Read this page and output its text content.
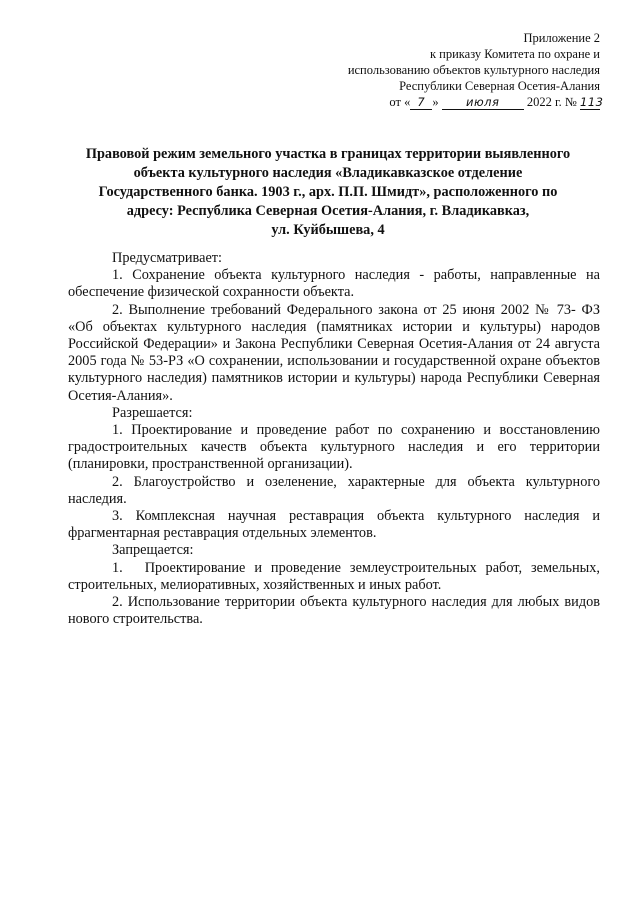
Приложение 2
к приказу Комитета по охране и
использованию объектов культурного наследия
Республики Северная Осетия-Алания
от « 7 » июля 2022 г. № 113
Правовой режим земельного участка в границах территории выявленного
объекта культурного наследия «Владикавказское отделение
Государственного банка. 1903 г., арх. П.П. Шмидт», расположенного по
адресу: Республика Северная Осетия-Алания, г. Владикавказ,
ул. Куйбышева, 4

Предусматривает:

1. Сохранение объекта культурного наследия - работы, направленные на обеспечение физической сохранности объекта.

2. Выполнение требований Федерального закона от 25 июня 2002 № 73- ФЗ «Об объектах культурного наследия (памятниках истории и культуры) народов Российской Федерации» и Закона Республики Северная Осетия-Алания от 24 августа 2005 года № 53-РЗ «О сохранении, использовании и государственной охране объектов культурного наследия) памятников истории и культуры) народа Республики Северная Осетия-Алания».

Разрешается:

1. Проектирование и проведение работ по сохранению и восстановлению градостроительных качеств объекта культурного наследия и его территории (планировки, пространственной организации).

2. Благоустройство и озеленение, характерные для объекта культурного наследия.

3. Комплексная научная реставрация объекта культурного наследия и фрагментарная реставрация отдельных элементов.

Запрещается:

1. Проектирование и проведение землеустроительных работ, земельных, строительных, мелиоративных, хозяйственных и иных работ.

2. Использование территории объекта культурного наследия для любых видов нового строительства.
